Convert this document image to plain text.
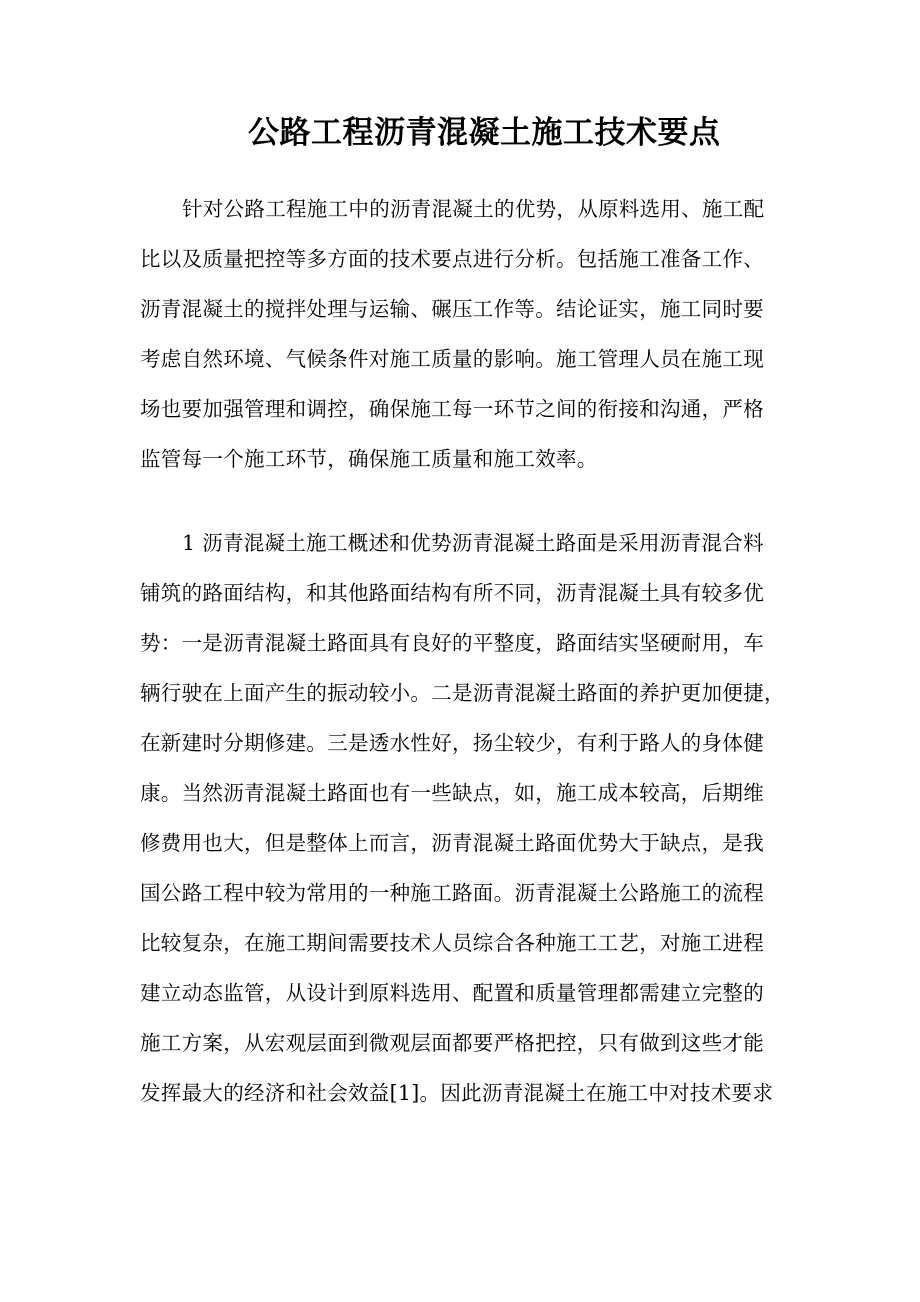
公路工程沥青混凝土施工技术要点
针对公路工程施工中的沥青混凝土的优势，从原料选用、施工配
比以及质量把控等多方面的技术要点进行分析。包括施工准备工作、
沥青混凝土的搅拌处理与运输、碾压工作等。结论证实，施工同时要
考虑自然环境、气候条件对施工质量的影响。施工管理人员在施工现
场也要加强管理和调控，确保施工每一环节之间的衔接和沟通，严格
监管每一个施工环节，确保施工质量和施工效率。
1 沥青混凝土施工概述和优势沥青混凝土路面是采用沥青混合料
铺筑的路面结构，和其他路面结构有所不同，沥青混凝土具有较多优
势：一是沥青混凝土路面具有良好的平整度，路面结实坚硬耐用，车
辆行驶在上面产生的振动较小。二是沥青混凝土路面的养护更加便捷，
在新建时分期修建。三是透水性好，扬尘较少，有利于路人的身体健
康。当然沥青混凝土路面也有一些缺点，如，施工成本较高，后期维
修费用也大，但是整体上而言，沥青混凝土路面优势大于缺点，是我
国公路工程中较为常用的一种施工路面。沥青混凝土公路施工的流程
比较复杂，在施工期间需要技术人员综合各种施工工艺，对施工进程
建立动态监管，从设计到原料选用、配置和质量管理都需建立完整的
施工方案，从宏观层面到微观层面都要严格把控，只有做到这些才能
发挥最大的经济和社会效益[1]。因此沥青混凝土在施工中对技术要求
